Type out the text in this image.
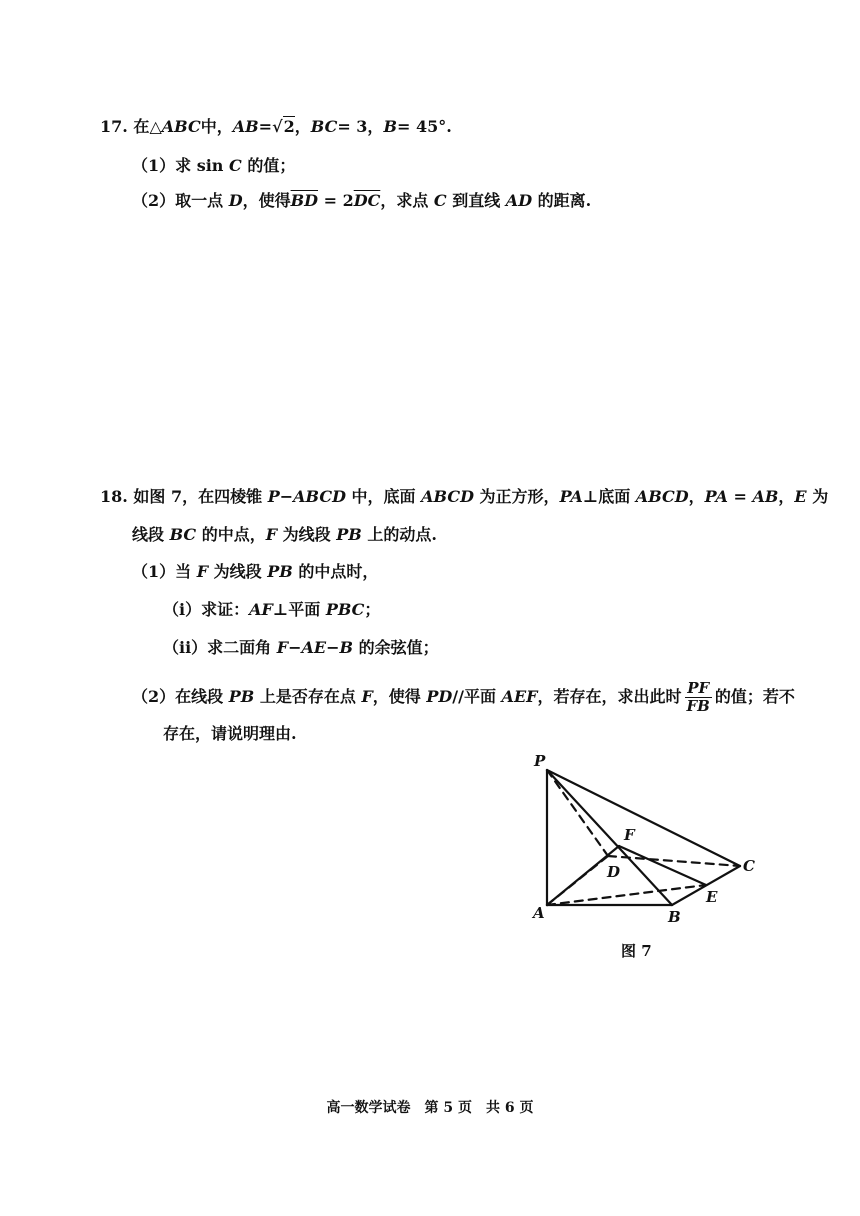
17. 在△ABC中，AB=√2，BC= 3，B= 45°.
（1）求 sin C 的值；
（2）取一点 D，使得$\overline{BD} = 2\overline{DC}$，求点 C 到直线 AD 的距离.
18. 如图 7，在四棱锥 P−ABCD 中，底面 ABCD 为正方形，PA⊥底面 ABCD，PA = AB，E 为
线段 BC 的中点，F 为线段 PB 上的动点.
（1）当 F 为线段 PB 的中点时，
（i）求证：AF⊥平面 PBC；
（ii）求二面角 F−AE−B 的余弦值；
（2）在线段 PB 上是否存在点 F，使得 PD//平面 AEF，若存在，求出此时 $\frac{PF}{FB}$ 的值；若不
存在，请说明理由.
P
F
D	C
E
A	B
图 7
高一数学试卷　第 5 页　共 6 页
